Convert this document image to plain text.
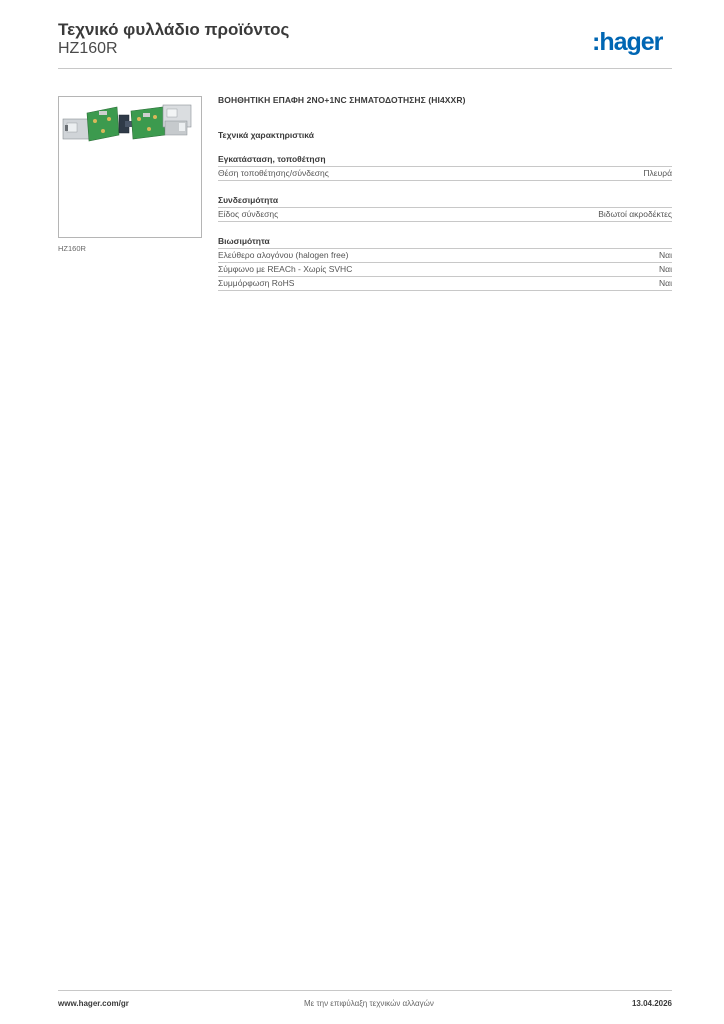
Τεχνικό φυλλάδιο προϊόντος
HZ160R	:hager
HZ160R
ΒΟΗΘΗΤΙΚΗ ΕΠΑΦΗ 2NO+1NC ΣΗΜΑΤΟΔΟΤΗΣΗΣ (HI4XXR)
Τεχνικά χαρακτηριστικά
Εγκατάσταση, τοποθέτηση
Θέση τοποθέτησης/σύνδεσης	Πλευρά
Συνδεσιμότητα
Είδος σύνδεσης	Βιδωτοί ακροδέκτες
Βιωσιμότητα
Ελεύθερο αλογόνου (halogen free)	Ναι
Σύμφωνο με REACh - Χωρίς SVHC	Ναι
Συμμόρφωση RoHS	Ναι
www.hager.com/gr	Με την επιφύλαξη τεχνικών αλλαγών	13.04.2026
